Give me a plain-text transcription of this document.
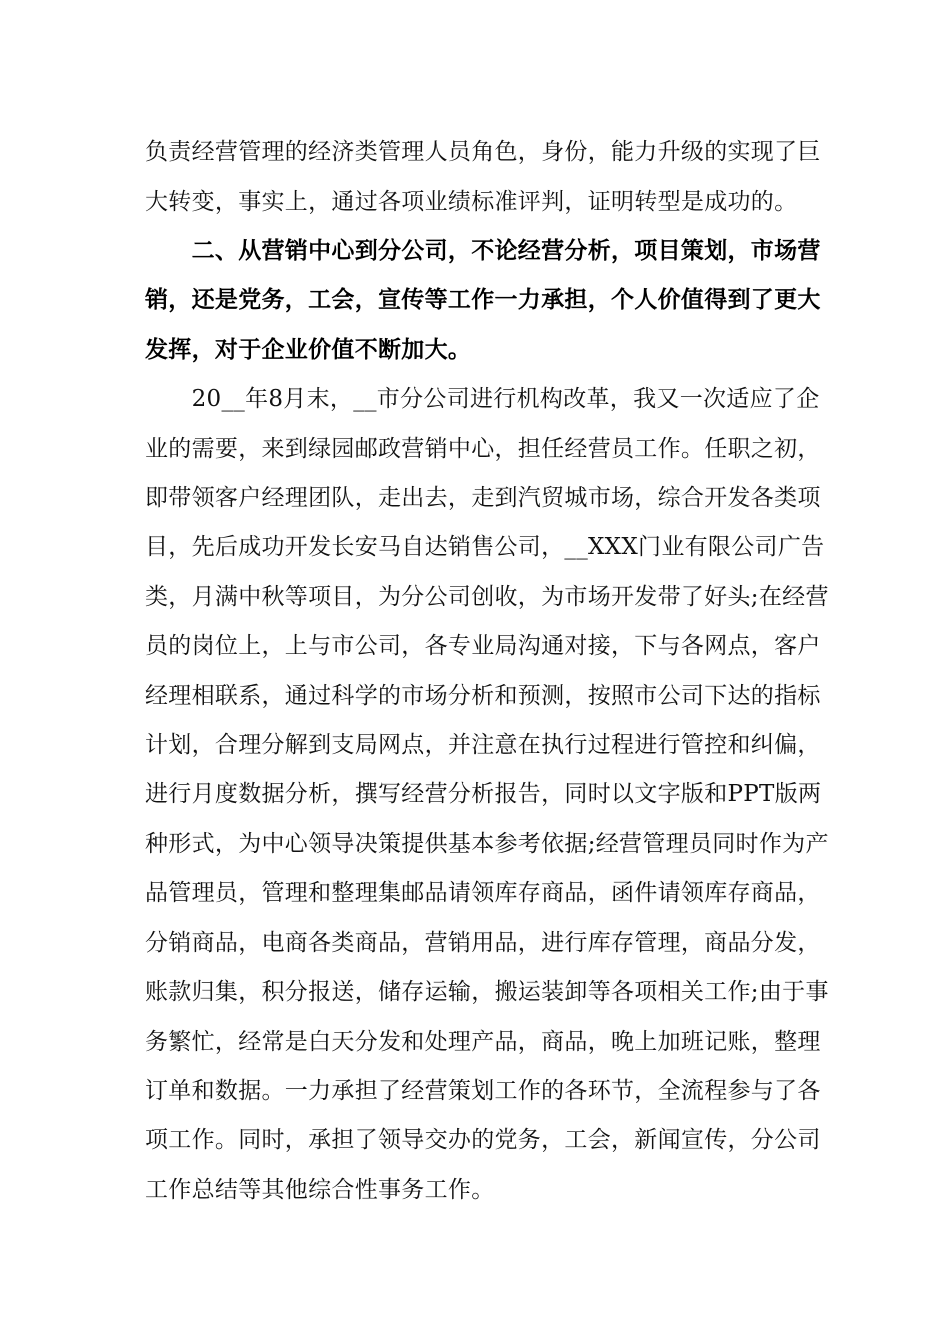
负责经营管理的经济类管理人员角色，身份，能力升级的实现了巨
大转变，事实上，通过各项业绩标准评判，证明转型是成功的。
　　二、从营销中心到分公司，不论经营分析，项目策划，市场营
销，还是党务，工会，宣传等工作一力承担，个人价值得到了更大
发挥，对于企业价值不断加大。
　　20__年8月末，__市分公司进行机构改革，我又一次适应了企
业的需要，来到绿园邮政营销中心，担任经营员工作。任职之初，
即带领客户经理团队，走出去，走到汽贸城市场，综合开发各类项
目，先后成功开发长安马自达销售公司，__XXX门业有限公司广告
类，月满中秋等项目，为分公司创收，为市场开发带了好头;在经营
员的岗位上，上与市公司，各专业局沟通对接，下与各网点，客户
经理相联系，通过科学的市场分析和预测，按照市公司下达的指标
计划，合理分解到支局网点，并注意在执行过程进行管控和纠偏，
进行月度数据分析，撰写经营分析报告，同时以文字版和PPT版两
种形式，为中心领导决策提供基本参考依据;经营管理员同时作为产
品管理员，管理和整理集邮品请领库存商品，函件请领库存商品，
分销商品，电商各类商品，营销用品，进行库存管理，商品分发，
账款归集，积分报送，储存运输，搬运装卸等各项相关工作;由于事
务繁忙，经常是白天分发和处理产品，商品，晚上加班记账，整理
订单和数据。一力承担了经营策划工作的各环节，全流程参与了各
项工作。同时，承担了领导交办的党务，工会，新闻宣传，分公司
工作总结等其他综合性事务工作。
